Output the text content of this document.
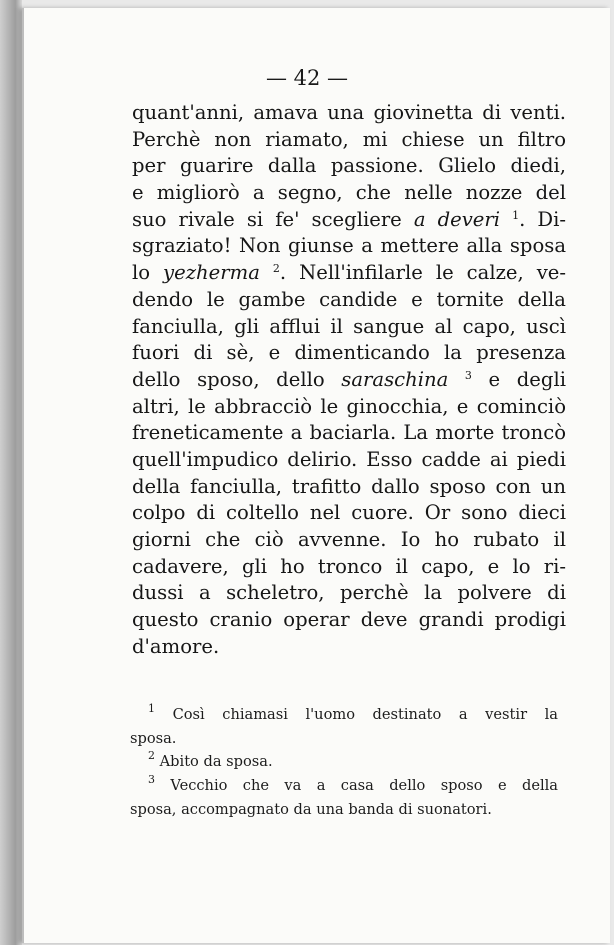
— 42 —
quant'anni, amava una giovinetta di venti.
Perchè non riamato, mi chiese un filtro
per guarire dalla passione. Glielo diedi,
e migliorò a segno, che nelle nozze del
suo rivale si fe' scegliere a deveri $^1$. Di-
sgraziato! Non giunse a mettere alla sposa
lo yezherma $^2$. Nell'infilarle le calze, ve-
dendo le gambe candide e tornite della
fanciulla, gli afflui il sangue al capo, uscì
fuori di sè, e dimenticando la presenza
dello sposo, dello saraschina $^3$ e degli
altri, le abbracciò le ginocchia, e cominciò
freneticamente a baciarla. La morte troncò
quell'impudico delirio. Esso cadde ai piedi
della fanciulla, trafitto dallo sposo con un
colpo di coltello nel cuore. Or sono dieci
giorni che ciò avvenne. Io ho rubato il
cadavere, gli ho tronco il capo, e lo ri-
dussi a scheletro, perchè la polvere di
questo cranio operar deve grandi prodigi
d'amore.
$^1$ Così chiamasi l'uomo destinato a vestir la
sposa.
$^2$ Abito da sposa.
$^3$ Vecchio che va a casa dello sposo e della
sposa, accompagnato da una banda di suonatori.
